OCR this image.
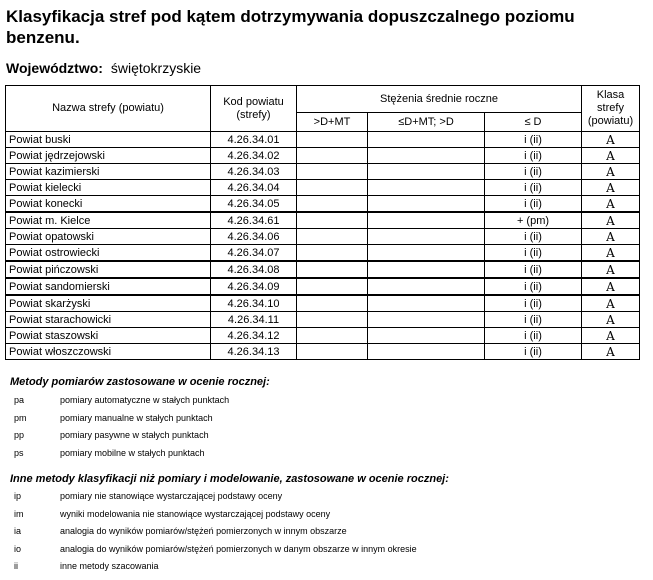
Klasyfikacja stref pod kątem dotrzymywania dopuszczalnego poziomu benzenu.
Województwo: świętokrzyskie
Nazwa strefy (powiatu)	Kod powiatu (strefy)	Stężenia średnie roczne			Klasa strefy (powiatu)
		>D+MT	≤D+MT; >D	≤ D	
Powiat buski	4.26.34.01			i (ii)	A
Powiat jędrzejowski	4.26.34.02			i (ii)	A
Powiat kazimierski	4.26.34.03			i (ii)	A
Powiat kielecki	4.26.34.04			i (ii)	A
Powiat konecki	4.26.34.05			i (ii)	A
Powiat m. Kielce	4.26.34.61			+ (pm)	A
Powiat opatowski	4.26.34.06			i (ii)	A
Powiat ostrowiecki	4.26.34.07			i (ii)	A
Powiat pińczowski	4.26.34.08			i (ii)	A
Powiat sandomierski	4.26.34.09			i (ii)	A
Powiat skarżyski	4.26.34.10			i (ii)	A
Powiat starachowicki	4.26.34.11			i (ii)	A
Powiat staszowski	4.26.34.12			i (ii)	A
Powiat włoszczowski	4.26.34.13			i (ii)	A
Metody pomiarów zastosowane w ocenie rocznej:
pa	pomiary automatyczne w stałych punktach
pm	pomiary manualne w stałych punktach
pp	pomiary pasywne w stałych punktach
ps	pomiary mobilne w stałych punktach
Inne metody klasyfikacji niż pomiary i modelowanie, zastosowane w ocenie rocznej:
ip	pomiary nie stanowiące wystarczającej podstawy oceny
im	wyniki modelowania nie stanowiące wystarczającej podstawy oceny
ia	analogia do wyników pomiarów/stężeń pomierzonych w innym obszarze
io	analogia do wyników pomiarów/stężeń pomierzonych w danym obszarze w innym okresie
ii	inne metody szacowania
